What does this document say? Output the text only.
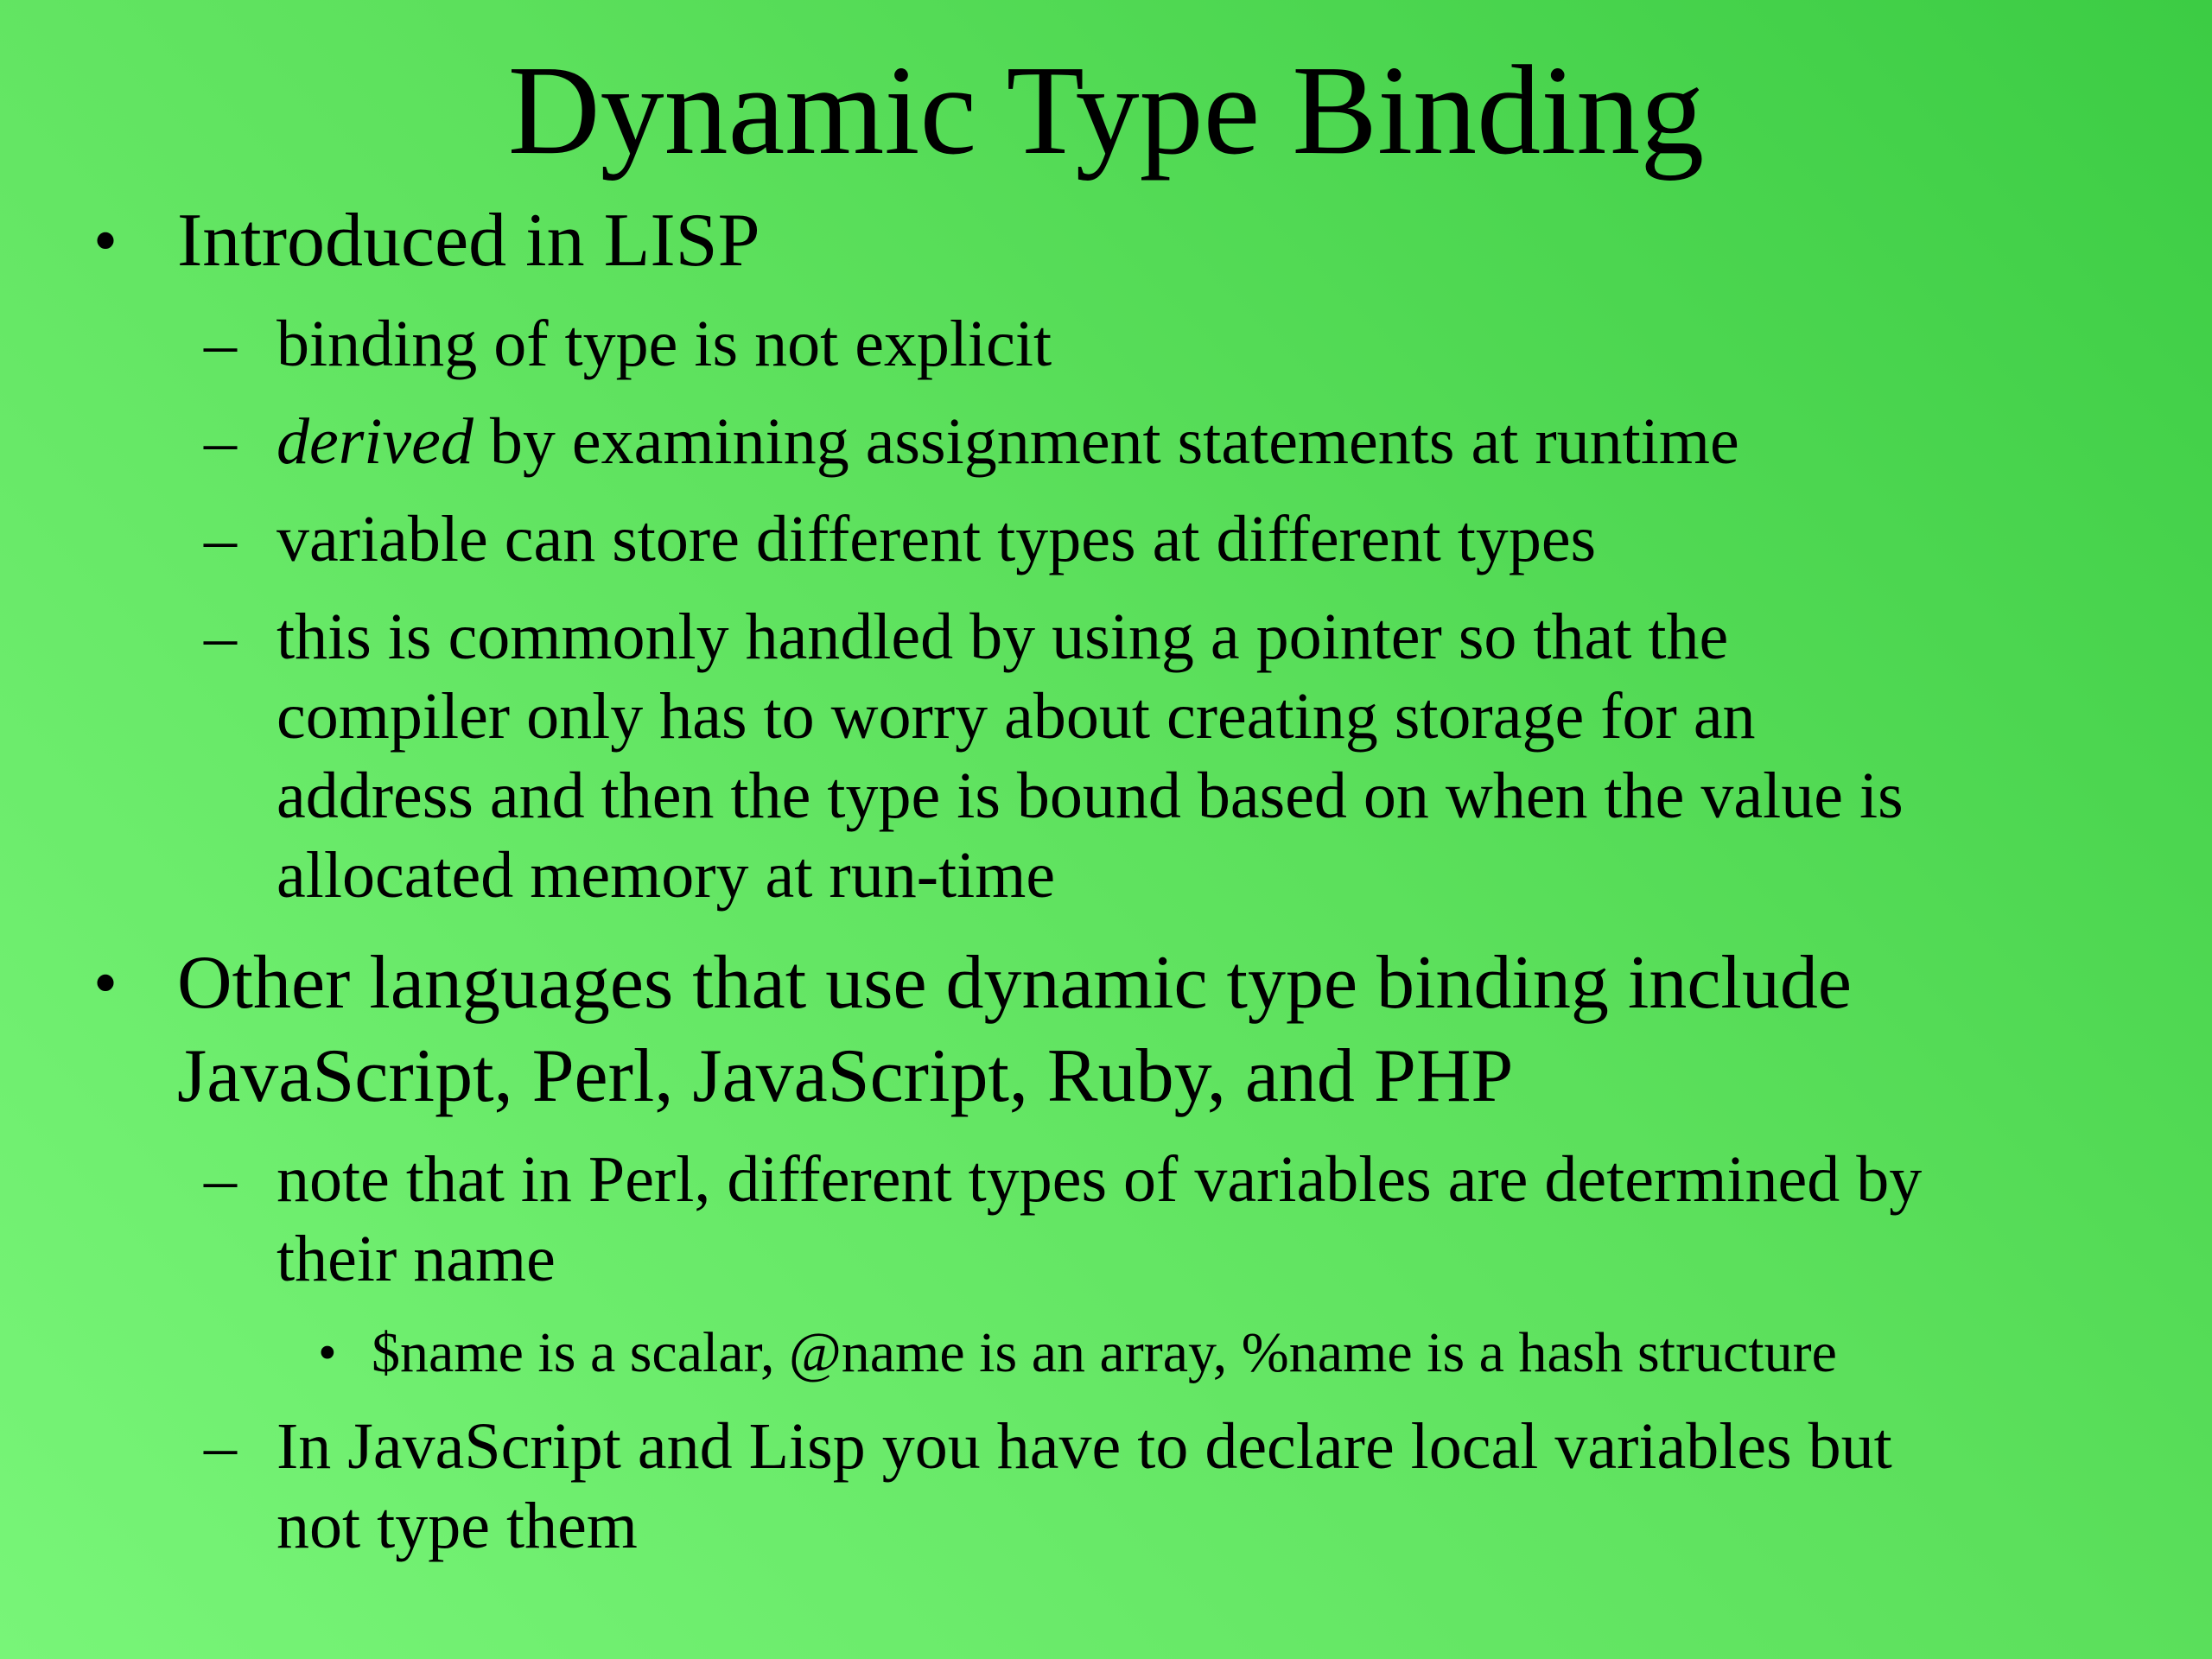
Dynamic Type Binding
• Introduced in LISP

– binding of type is not explicit

– derived by examining assignment statements at runtime

– variable can store different types at different types

– this is commonly handled by using a pointer so that the

compiler only has to worry about creating storage for an

address and then the type is bound based on when the value is

allocated memory at run-time

• Other languages that use dynamic type binding include

JavaScript, Perl, JavaScript, Ruby, and PHP

– note that in Perl, different types of variables are determined by

their name

• $name is a scalar, @name is an array, %name is a hash structure

– In JavaScript and Lisp you have to declare local variables but

not type them
